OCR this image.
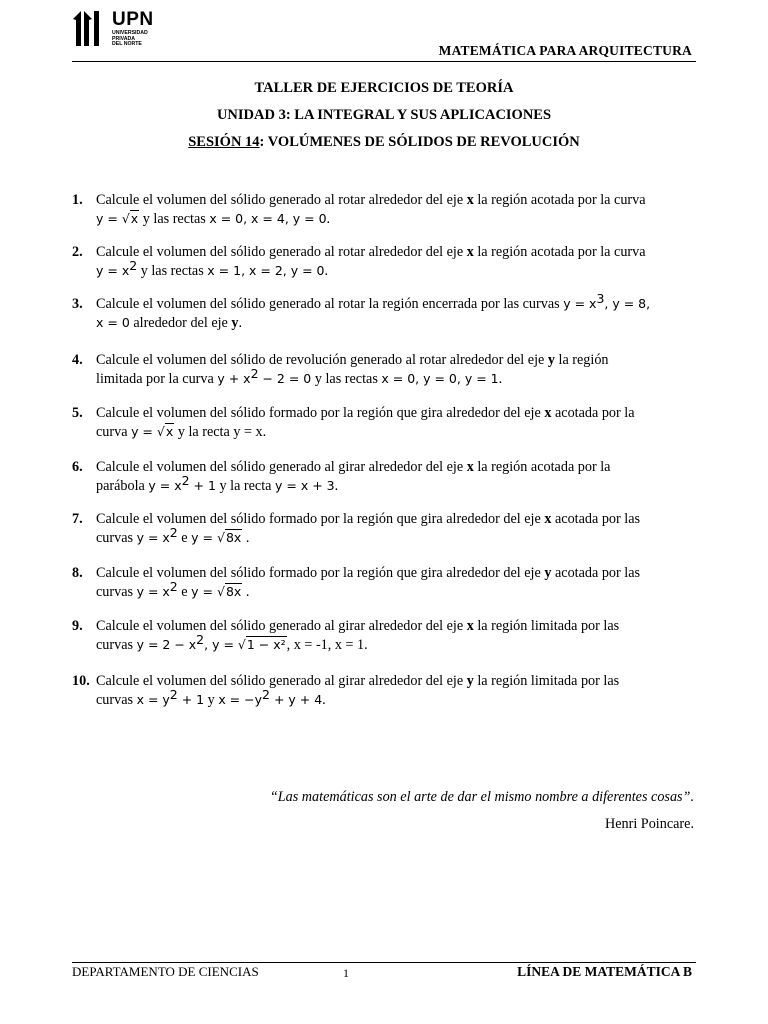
UPN
UNIVERSIDAD
PRIVADA
DEL NORTE	MATEMÁTICA PARA ARQUITECTURA
TALLER DE EJERCICIOS DE TEORÍA
UNIDAD 3: LA INTEGRAL Y SUS APLICACIONES
SESIÓN 14: VOLÚMENES DE SÓLIDOS DE REVOLUCIÓN
1. Calcule el volumen del sólido generado al rotar alrededor del eje x la región acotada por la curva
y = √x y las rectas x = 0, x = 4, y = 0.
2. Calcule el volumen del sólido generado al rotar alrededor del eje x la región acotada por la curva
$y = x^2$ y las rectas x = 1, x = 2, y = 0.
3. Calcule el volumen del sólido generado al rotar la región encerrada por las curvas $y = x^3$, y = 8,
x = 0 alrededor del eje y.
4. Calcule el volumen del sólido de revolución generado al rotar alrededor del eje y la región
limitada por la curva $y + x^2 - 2 = 0$ y las rectas x = 0, y = 0, y = 1.
5. Calcule el volumen del sólido formado por la región que gira alrededor del eje x acotada por la
curva y = √x y la recta y = x.
6. Calcule el volumen del sólido generado al girar alrededor del eje x la región acotada por la
parábola $y = x^2 + 1$ y la recta y = x + 3.
7. Calcule el volumen del sólido formado por la región que gira alrededor del eje x acotada por las
curvas $y = x^2$ e y = √8x .
8. Calcule el volumen del sólido formado por la región que gira alrededor del eje y acotada por las
curvas $y = x^2$ e y = √8x .
9. Calcule el volumen del sólido generado al girar alrededor del eje x la región limitada por las
curvas $y = 2 - x^2$, y = √1 − x², x = -1, x = 1.
10. Calcule el volumen del sólido generado al girar alrededor del eje y la región limitada por las
curvas $x = y^2 + 1$ y $x = -y^2 + y + 4$.
“Las matemáticas son el arte de dar el mismo nombre a diferentes cosas”.
Henri Poincare.
DEPARTAMENTO DE CIENCIAS	1	LÍNEA DE MATEMÁTICA B
